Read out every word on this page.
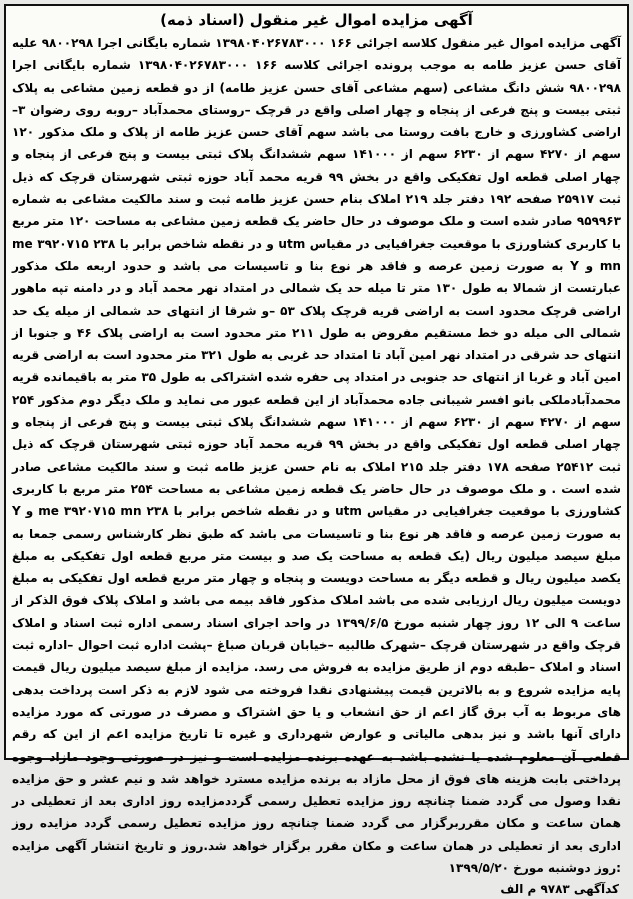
آگهی مزایده اموال غیر منقول (اسناد ذمه)

آگهی مزایده اموال غیر منقول کلاسه اجرائی ۱۶۶ ۱۳۹۸۰۴۰۲۶۷۸۳۰۰۰ شماره بایگانی اجرا ۹۸۰۰۲۹۸ علیه آقای حسن عزیز طامه به موجب پرونده اجرائی کلاسه ۱۶۶ ۱۳۹۸۰۴۰۲۶۷۸۳۰۰۰ شماره بایگانی اجرا ۹۸۰۰۲۹۸ شش دانگ مشاعی (سهم مشاعی آقای حسن عزیز طامه) از دو قطعه زمین مشاعی به پلاک ثبتی بیست و پنج فرعی از پنجاه و چهار اصلی واقع در قرچک –روستای محمدآباد –روبه روی رضوان ۳–اراضی کشاورزی و خارج بافت روستا می باشد سهم آقای حسن عزیز طامه از پلاک و ملک مذکور ۱۲۰ سهم از ۴۲۷۰ سهم از ۶۲۳۰ سهم از ۱۴۱۰۰۰ سهم ششدانگ پلاک ثبتی بیست و پنج فرعی از پنجاه و چهار اصلی قطعه اول تفکیکی واقع در بخش ۹۹ قریه محمد آباد حوزه ثبتی شهرستان قرچک که ذیل ثبت ۲۵۹۱۷ صفحه ۱۹۲ دفتر جلد ۲۱۹ املاک بنام حسن عزیز طامه ثبت و سند مالکیت مشاعی به شماره ۹۵۹۹۶۳ صادر شده است و ملک موصوف در حال حاضر یک قطعه زمین مشاعی به مساحت ۱۲۰ متر مربع با کاربری کشاورزی با موقعیت جغرافیایی در مقیاس utm و در نقطه شاخص برابر با ۲۳۸ me ۳۹۲۰۷۱۵ mn و Y به صورت زمین عرصه و فاقد هر نوع بنا و تاسیسات می باشد و حدود اربعه ملک مذکور عبارتست از شمالا به طول ۱۳۰ متر تا میله حد یک شمالی در امتداد نهر محمد آباد و در دامنه تپه ماهور اراضی قرچک محدود است به اراضی قریه قرچک پلاک ۵۳ –و شرقا از انتهای حد شمالی از میله یک حد شمالی الی میله دو خط مستقیم مفروض به طول ۲۱۱ متر محدود است به اراضی پلاک ۴۶ و جنوبا از انتهای حد شرقی در امتداد نهر امین آباد تا امتداد حد غربی به طول ۳۲۱ متر محدود است به اراضی قریه امین آباد و غربا از انتهای حد جنوبی در امتداد پی حفره شده اشتراکی به طول ۳۵ متر به باقیمانده قریه محمدآبادملکی بانو افسر شیبانی جاده محمدآباد از این قطعه عبور می نماید و ملک دیگر دوم مذکور ۲۵۴ سهم از ۴۲۷۰ سهم از ۶۲۳۰ سهم از ۱۴۱۰۰۰ سهم ششدانگ پلاک ثبتی بیست و پنج فرعی از پنجاه و چهار اصلی قطعه اول تفکیکی واقع در بخش ۹۹ قریه محمد آباد حوزه ثبتی شهرستان قرچک که ذیل ثبت ۲۵۴۱۲ صفحه ۱۷۸ دفتر جلد ۲۱۵ املاک به نام حسن عزیز طامه ثبت و سند مالکیت مشاعی صادر شده است . و ملک موصوف در حال حاضر یک قطعه زمین مشاعی به مساحت ۲۵۴ متر مربع با کاربری کشاورزی با موقعیت جغرافیایی در مقیاس utm و در نقطه شاخص برابر با ۲۳۸ me ۳۹۲۰۷۱۵ mn و Y به صورت زمین عرصه و فاقد هر نوع بنا و تاسیسات می باشد که طبق نظر کارشناس رسمی جمعا به مبلغ سیصد میلیون ریال (یک قطعه به مساحت یک صد و بیست متر مربع قطعه اول تفکیکی به مبلغ یکصد میلیون ریال و قطعه دیگر به مساحت دویست و پنجاه و چهار متر مربع قطعه اول تفکیکی به مبلغ دویست میلیون ریال ارزیابی شده می باشد املاک مذکور فاقد بیمه می باشد و املاک پلاک فوق الذکر از ساعت ۹ الی ۱۲ روز چهار شنبه مورخ ۱۳۹۹/۶/۵ در واحد اجرای اسناد رسمی اداره ثبت اسناد و املاک قرچک واقع در شهرستان قرچک –شهرک طالبیه –خیابان قربان صباغ –پشت اداره ثبت احوال –اداره ثبت اسناد و املاک –طبقه دوم از طریق مزایده به فروش می رسد. مزایده از مبلغ سیصد میلیون ریال قیمت پایه مزایده شروع و به بالاترین قیمت پیشنهادی نقدا فروخته می شود لازم به ذکر است پرداخت بدهی های مربوط به آب برق گاز اعم از حق انشعاب و یا حق اشتراک و مصرف در صورتی که مورد مزایده دارای آنها باشد و نیز بدهی مالیاتی و عوارض شهرداری و غیره تا تاریخ مزایده اعم از این که رقم قطعی آن معلوم شده یا نشده باشد به عهده برنده مزایده است و نیز در صورتی وجود مازاد وجوه پرداختی بابت هزینه های فوق از محل مازاد به برنده مزایده مسترد خواهد شد و نیم عشر و حق مزایده نقدا وصول می گردد ضمنا چنانچه روز مزایده تعطیل رسمی گرددمزایده روز اداری بعد از تعطیلی در همان ساعت و مکان مقرربرگزار می گردد ضمنا چنانچه روز مزایده تعطیل رسمی گردد مزایده روز اداری بعد از تعطیلی در همان ساعت و مکان مقرر برگزار خواهد شد.روز و تاریخ انتشار آگهی مزایده :روز دوشنبه مورخ ۱۳۹۹/۵/۲۰

کدآگهی ۹۷۸۳ م الف
